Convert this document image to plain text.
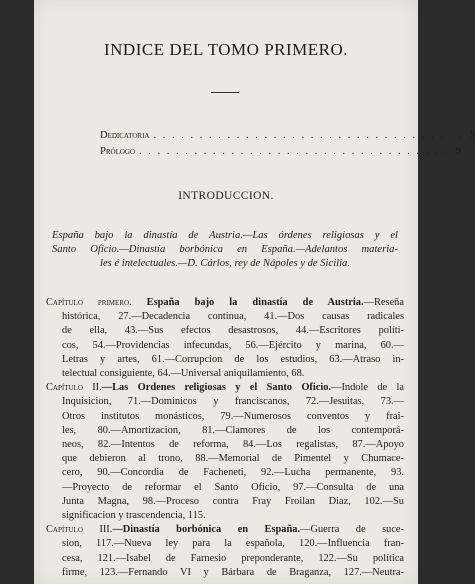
INDICE DEL TOMO PRIMERO.
Dedicatoria . . . . . . . . . . . . . . . . . . . . . . . . . . . . . . . . . . 5
Prólogo . . . . . . . . . . . . . . . . . . . . . . . . . . . . . . . . . . 9
INTRODUCCION.
España bajo la dinastía de Austria.—Las órdenes religiosas y el
Santo Oficio.—Dinastía borbónica en España.—Adelantos materia-
les é intelectuales.—D. Cárlos, rey de Nápoles y de Sicilia.
Capítulo primero. España bajo la dinastía de Austria.—Reseña
histórica, 27.—Decadencia continua, 41.—Dos causas radicales
de ella, 43.—Sus efectos desastrosos, 44.—Escritores políti-
cos, 54.—Providencias infecundas, 56.—Ejército y marina, 60.—
Letras y artes, 61.—Corrupcion de los estudios, 63.—Atraso in-
telectual consiguiente, 64.—Universal aniquilamiento, 68.
Capítulo II.—Las Ordenes religiosas y el Santo Oficio.—Indole de la
Inquisicion, 71.—Dominicos y franciscanos, 72.—Jesuitas, 73.—
Otros institutos monásticos, 79.—Numerosos conventos y frai-
les, 80.—Amortizacion, 81.—Clamores de los contemporá-
neos, 82.—Intentos de reforma, 84.—Los regalistas, 87.—Apoyo
que debieron al trono, 88.—Memorial de Pimentel y Chumace-
cero, 90.—Concordia de Facheneti, 92.—Lucha permanente, 93.
—Proyecto de reformar el Santo Oficio, 97.—Consulta de una
Junta Magna, 98.—Proceso contra Fray Froilan Diaz, 102.—Su
significacion y trascendencia, 115.
Capítulo III.—Dinastía borbónica en España.—Guerra de suce-
sion, 117.—Nueva ley para la española, 120.—Influencia fran-
cesa, 121.—Isabel de Farnesio preponderante, 122.—Su política
firme, 123.—Fernando VI y Bárbara de Braganza, 127.—Neutra-
